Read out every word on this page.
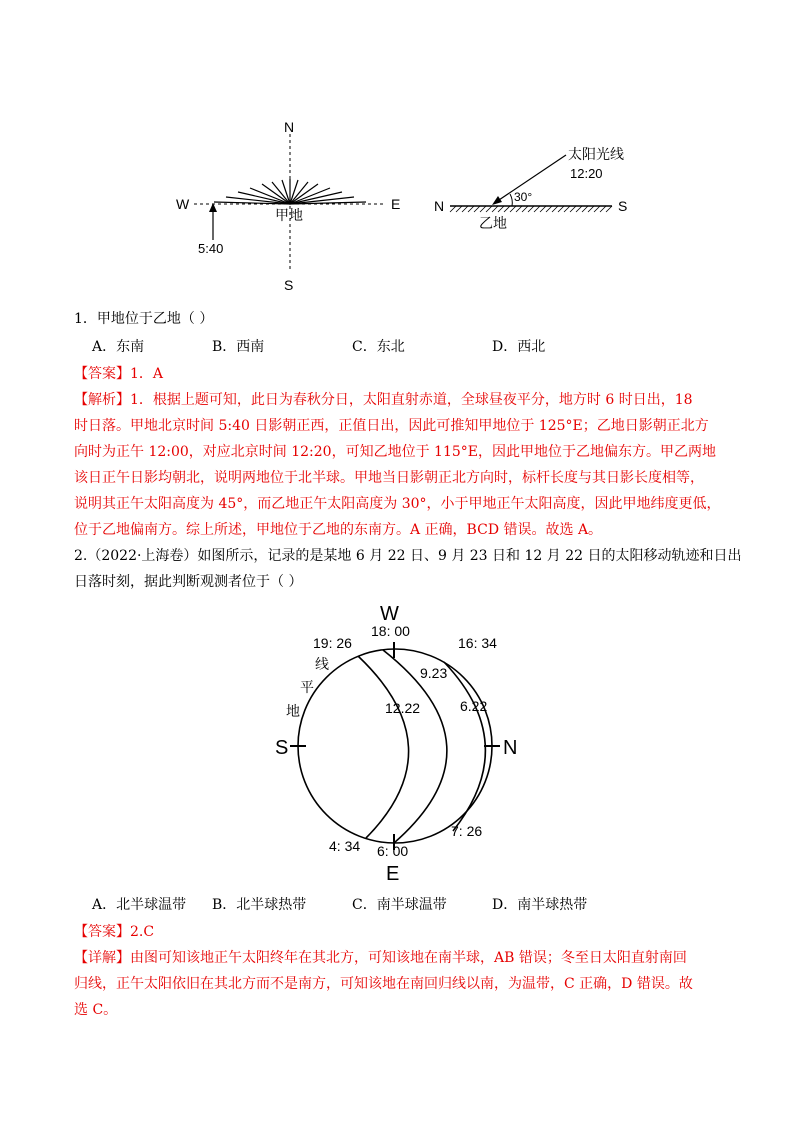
N
S
W	E
甲地
5:40
太阳光线
12:20
30°
N	S
乙地
1．甲地位于乙地（ ）
A．东南	B．西南	C．东北	D．西北
【答案】1．A
【解析】1．根据上题可知，此日为春秋分日，太阳直射赤道，全球昼夜平分，地方时 6 时日出，18
时日落。甲地北京时间 5:40 日影朝正西，正值日出，因此可推知甲地位于 125°E；乙地日影朝正北方
向时为正午 12:00，对应北京时间 12:20，可知乙地位于 115°E，因此甲地位于乙地偏东方。甲乙两地
该日正午日影均朝北，说明两地位于北半球。甲地当日影朝正北方向时，标杆长度与其日影长度相等，
说明其正午太阳高度为 45°，而乙地正午太阳高度为 30°，小于甲地正午太阳高度，因此甲地纬度更低，
位于乙地偏南方。综上所述，甲地位于乙地的东南方。A 正确，BCD 错误。故选 A。
2.（2022·上海卷）如图所示，记录的是某地 6 月 22 日、9 月 23 日和 12 月 22 日的太阳移动轨迹和日出
日落时刻，据此判断观测者位于（ ）
W
E
S	N
18: 00
19: 26	16: 34
9.23
12.22	6.22
4: 34 6: 00
7: 26
线
平
地
A．北半球温带 B．北半球热带	C．南半球温带	D．南半球热带
【答案】2.C
【详解】由图可知该地正午太阳终年在其北方，可知该地在南半球，AB 错误；冬至日太阳直射南回
归线，正午太阳依旧在其北方而不是南方，可知该地在南回归线以南，为温带，C 正确，D 错误。故
选 C。
